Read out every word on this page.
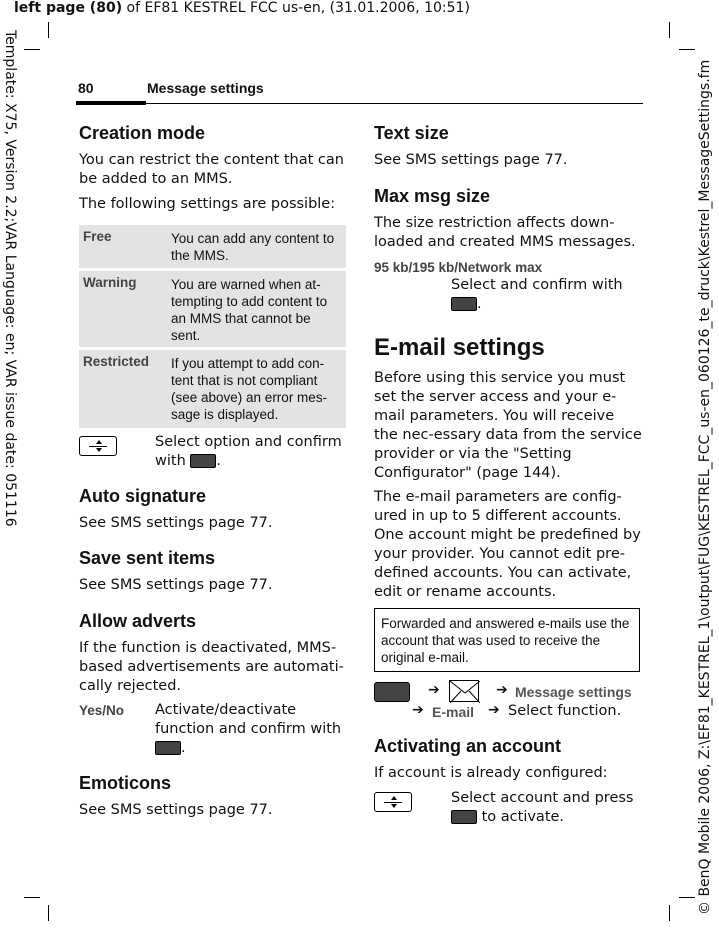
left page (80) of EF81 KESTREL FCC us-en, (31.01.2006, 10:51)
Template: X75, Version 2.2;VAR Language: en; VAR issue date: 051116	© BenQ Mobile 2006, Z:\EF81_KESTREL_1\output\FUG\KESTREL_FCC_us-en_060126_te_druck\Kestrel_MessageSettings.fm
80	Message settings
Creation mode

You can restrict the content that can be added to an MMS.

The following settings are possible:

Free	You can add any content to the MMS.
Warning	You are warned when at-tempting to add content to an MMS that cannot be sent.
Restricted If you attempt to add con-tent that is not compliant (see above) an error mes-sage is displayed.

Select option and confirm with .

Auto signature

See SMS settings page 77.

Save sent items

See SMS settings page 77.

Allow adverts

If the function is deactivated, MMS-based advertisements are automati-cally rejected.

Yes/No Activate/deactivate function and confirm with .

Emoticons

See SMS settings page 77.

Text size

See SMS settings page 77.

Max msg size

The size restriction affects down-loaded and created MMS messages.

95 kb/195 kb/Network max

Select and confirm with .

E-mail settings

Before using this service you must set the server access and your e-mail parameters. You will receive the nec-essary data from the service provider or via the "Setting Configurator" (page 144).

The e-mail parameters are config-ured in up to 5 different accounts. One account might be predefined by your provider. You cannot edit pre-defined accounts. You can activate, edit or rename accounts.

Forwarded and answered e-mails use the account that was used to receive the original e-mail.
➔	➔ Message settings
➔ E-mail ➔ Select function.

Activating an account

If account is already configured:

Select account and press  to activate.
